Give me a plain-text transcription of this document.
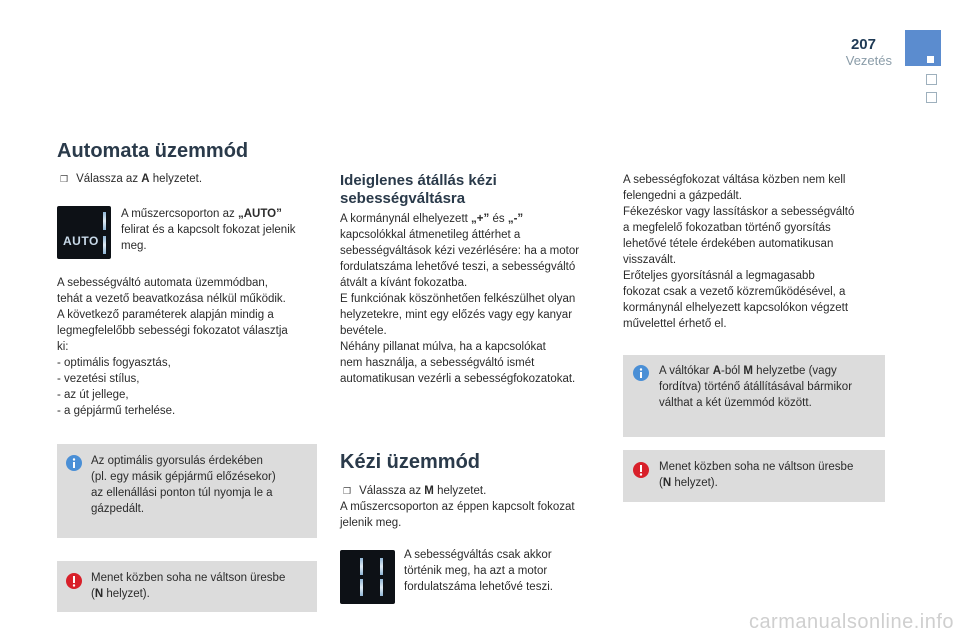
207
Vezetés
Automata üzemmód
❒ Válassza az A helyzetet.
AUTO
A műszercsoporton az „AUTO”
felirat és a kapcsolt fokozat jelenik meg.
A sebességváltó automata üzemmódban,
tehát a vezető beavatkozása nélkül működik.
A következő paraméterek alapján mindig a
legmegfelelőbb sebességi fokozatot választja
ki:
- optimális fogyasztás,
- vezetési stílus,
- az út jellege,
- a gépjármű terhelése.
Az optimális gyorsulás érdekében
(pl. egy másik gépjármű előzésekor)
az ellenállási ponton túl nyomja le a
gázpedált.
Menet közben soha ne váltson üresbe
(N helyzet).
Ideiglenes átállás kézi
sebességváltásra
A kormánynál elhelyezett „+” és „-”
kapcsolókkal átmenetileg áttérhet a
sebességváltások kézi vezérlésére: ha a motor
fordulatszáma lehetővé teszi, a sebességváltó
átvált a kívánt fokozatba.
E funkciónak köszönhetően felkészülhet olyan
helyzetekre, mint egy előzés vagy egy kanyar
bevétele.
Néhány pillanat múlva, ha a kapcsolókat
nem használja, a sebességváltó ismét
automatikusan vezérli a sebességfokozatokat.
Kézi üzemmód
❒ Válassza az M helyzetet.
A műszercsoporton az éppen kapcsolt fokozat
jelenik meg.
A sebességváltás csak akkor
történik meg, ha azt a motor
fordulatszáma lehetővé teszi.
A sebességfokozat váltása közben nem kell
felengedni a gázpedált.
Fékezéskor vagy lassításkor a sebességváltó
a megfelelő fokozatban történő gyorsítás
lehetővé tétele érdekében automatikusan
visszavált.
Erőteljes gyorsításnál a legmagasabb
fokozat csak a vezető közreműködésével, a
kormánynál elhelyezett kapcsolókon végzett
művelettel érhető el.
A váltókar A-ból M helyzetbe (vagy
fordítva) történő átállításával bármikor
válthat a két üzemmód között.
Menet közben soha ne váltson üresbe
(N helyzet).
carmanualsonline.info
